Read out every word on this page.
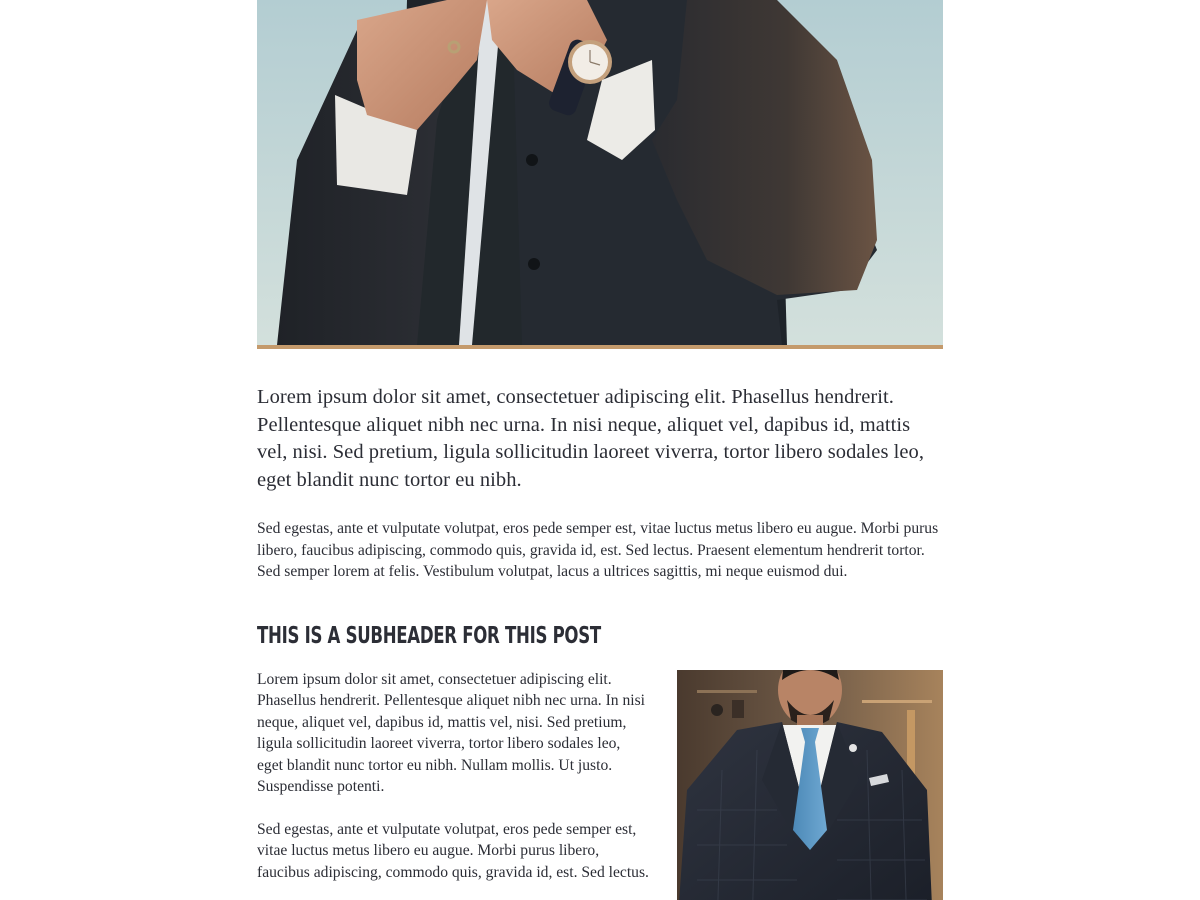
Lorem ipsum dolor sit amet, consectetuer adipiscing elit. Phasellus hendrerit. Pellentesque aliquet nibh nec urna. In nisi neque, aliquet vel, dapibus id, mattis vel, nisi. Sed pretium, ligula sollicitudin laoreet viverra, tortor libero sodales leo, eget blandit nunc tortor eu nibh.

Sed egestas, ante et vulputate volutpat, eros pede semper est, vitae luctus metus libero eu augue. Morbi purus libero, faucibus adipiscing, commodo quis, gravida id, est. Sed lectus. Praesent elementum hendrerit tortor. Sed semper lorem at felis. Vestibulum volutpat, lacus a ultrices sagittis, mi neque euismod dui.

THIS IS A SUBHEADER FOR THIS POST

Lorem ipsum dolor sit amet, consectetuer adipiscing elit. Phasellus hendrerit. Pellentesque aliquet nibh nec urna. In nisi neque, aliquet vel, dapibus id, mattis vel, nisi. Sed pretium, ligula sollicitudin laoreet viverra, tortor libero sodales leo, eget blandit nunc tortor eu nibh. Nullam mollis. Ut justo. Suspendisse potenti.

Sed egestas, ante et vulputate volutpat, eros pede semper est, vitae luctus metus libero eu augue. Morbi purus libero, faucibus adipiscing, commodo quis, gravida id, est. Sed lectus.
